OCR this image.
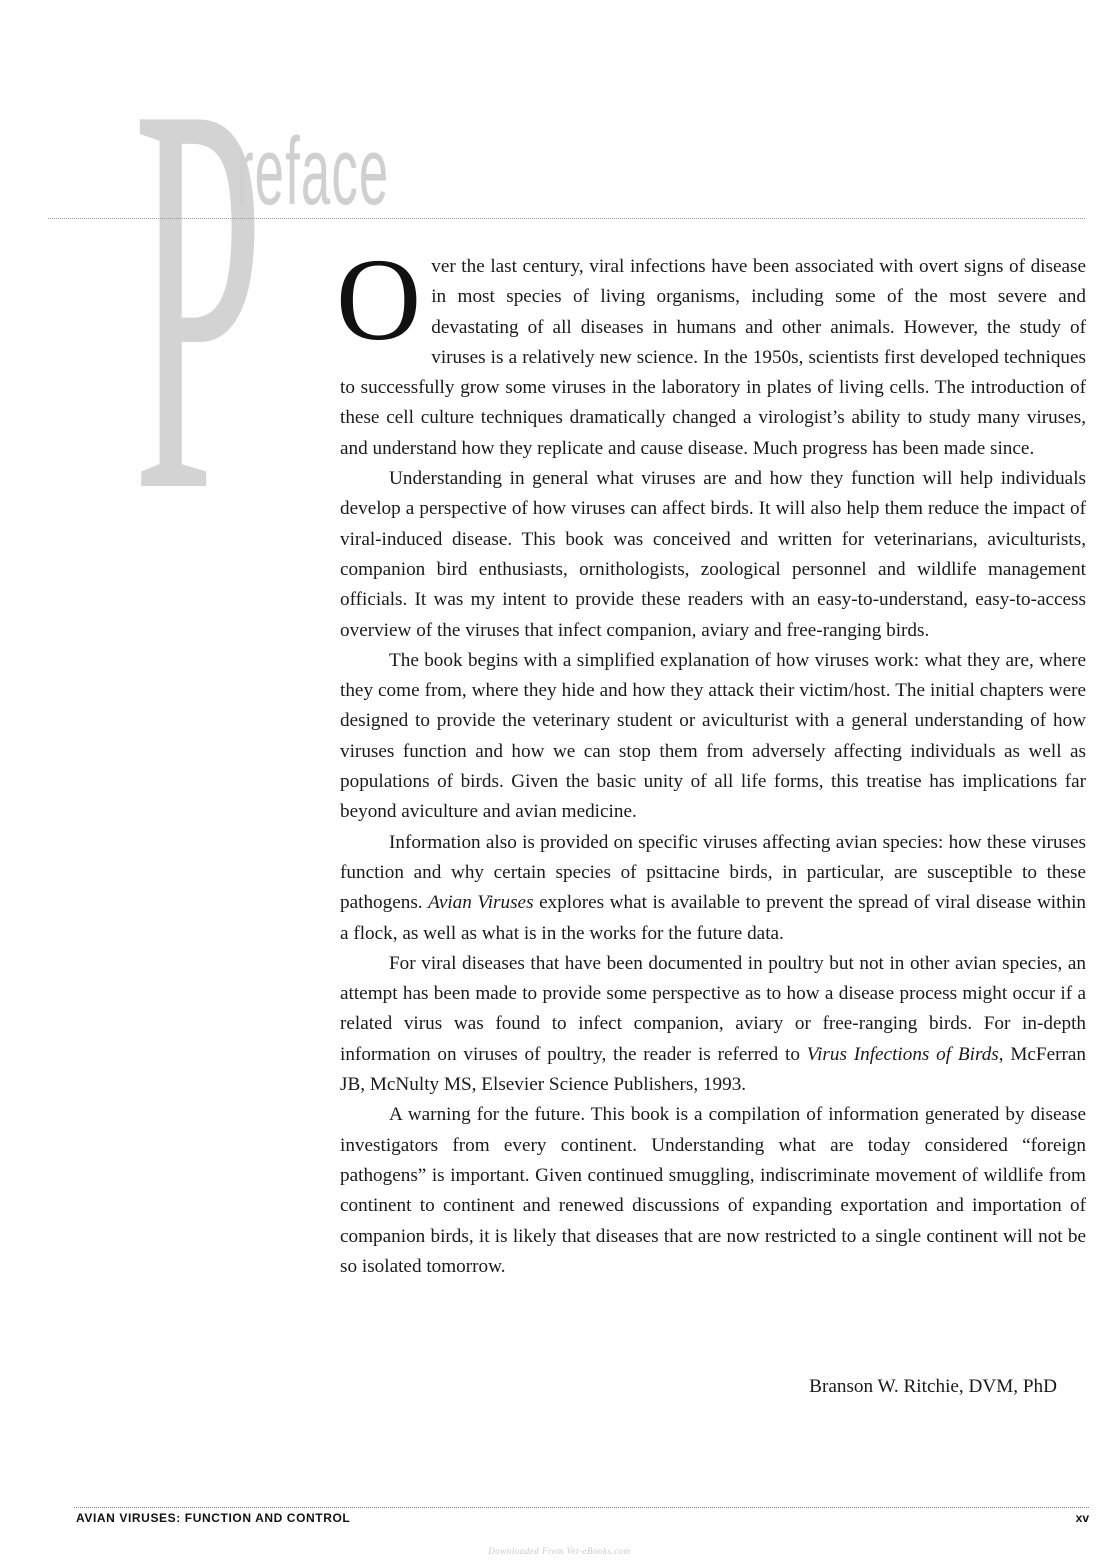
P
reface

Over the last century, viral infections have been associated with overt signs of disease in most species of living organisms, including some of the most severe and devastating of all diseases in humans and other animals. However, the study of viruses is a relatively new science. In the 1950s, scientists first developed techniques to successfully grow some viruses in the laboratory in plates of living cells. The introduction of these cell culture techniques dramatically changed a virologist’s ability to study many viruses, and understand how they replicate and cause disease. Much progress has been made since.

Understanding in general what viruses are and how they function will help individuals develop a perspective of how viruses can affect birds. It will also help them reduce the impact of viral-induced disease. This book was conceived and written for veterinarians, aviculturists, companion bird enthusiasts, ornithologists, zoological personnel and wildlife management officials. It was my intent to provide these readers with an easy-to-understand, easy-to-access overview of the viruses that infect companion, aviary and free-ranging birds.

The book begins with a simplified explanation of how viruses work: what they are, where they come from, where they hide and how they attack their victim/host. The initial chapters were designed to provide the veterinary student or aviculturist with a general understanding of how viruses function and how we can stop them from adversely affecting individuals as well as populations of birds. Given the basic unity of all life forms, this treatise has implications far beyond aviculture and avian medicine.

Information also is provided on specific viruses affecting avian species: how these viruses function and why certain species of psittacine birds, in particular, are susceptible to these pathogens. Avian Viruses explores what is available to prevent the spread of viral disease within a flock, as well as what is in the works for the future data.

For viral diseases that have been documented in poultry but not in other avian species, an attempt has been made to provide some perspective as to how a disease process might occur if a related virus was found to infect companion, aviary or free-ranging birds. For in-depth information on viruses of poultry, the reader is referred to Virus Infections of Birds, McFerran JB, McNulty MS, Elsevier Science Publishers, 1993.

A warning for the future. This book is a compilation of information generated by disease investigators from every continent. Understanding what are today considered “foreign pathogens” is important. Given continued smuggling, indiscriminate movement of wildlife from continent to continent and renewed discussions of expanding exportation and importation of companion birds, it is likely that diseases that are now restricted to a single continent will not be so isolated tomorrow.

Branson W. Ritchie, DVM, PhD
AVIAN VIRUSES: FUNCTION AND CONTROL	xv
Downloaded From Vet-eBooks.com
